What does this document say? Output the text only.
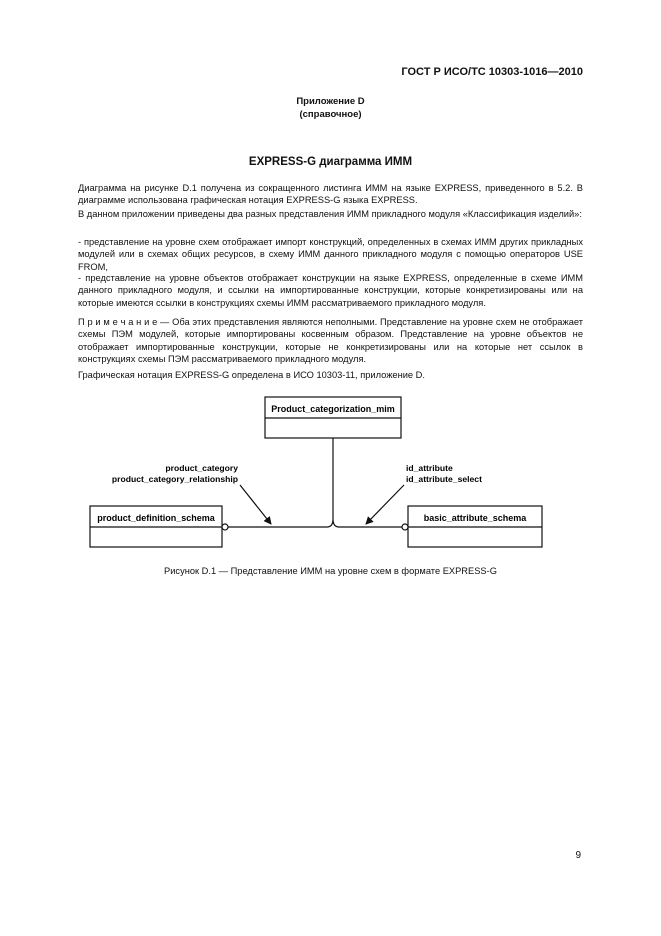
ГОСТ Р ИСО/ТС 10303-1016—2010
Приложение D
(справочное)
EXPRESS-G диаграмма ИММ

Диаграмма на рисунке D.1 получена из сокращенного листинга ИММ на языке EXPRESS, приведенного в 5.2. В диаграмме использована графическая нотация EXPRESS-G языка EXPRESS.

В данном приложении приведены два разных представления ИММ прикладного модуля «Классификация изделий»:

- представление на уровне схем отображает импорт конструкций, определенных в схемах ИММ других прикладных модулей или в схемах общих ресурсов, в схему ИММ данного прикладного модуля с помощью операторов USE FROM,

- представление на уровне объектов отображает конструкции на языке EXPRESS, определенные в схеме ИММ данного прикладного модуля, и ссылки на импортированные конструкции, которые конкретизированы или на которые имеются ссылки в конструкциях схемы ИММ рассматриваемого прикладного модуля.

П р и м е ч а н и е — Оба этих представления являются неполными. Представление на уровне схем не отображает схемы ПЭМ модулей, которые импортированы косвенным образом. Представление на уровне объектов не отображает импортированные конструкции, которые не конкретизированы или на которые нет ссылок в конструкциях схемы ПЭМ рассматриваемого прикладного модуля.

Графическая нотация EXPRESS-G определена в ИСО 10303-11, приложение D.

Product_categorization_mim
product_definition_schema	basic_attribute_schema
product_category
product_category_relationship
id_attribute
id_attribute_select
Рисунок D.1 — Представление ИММ на уровне схем в формате EXPRESS-G
9
